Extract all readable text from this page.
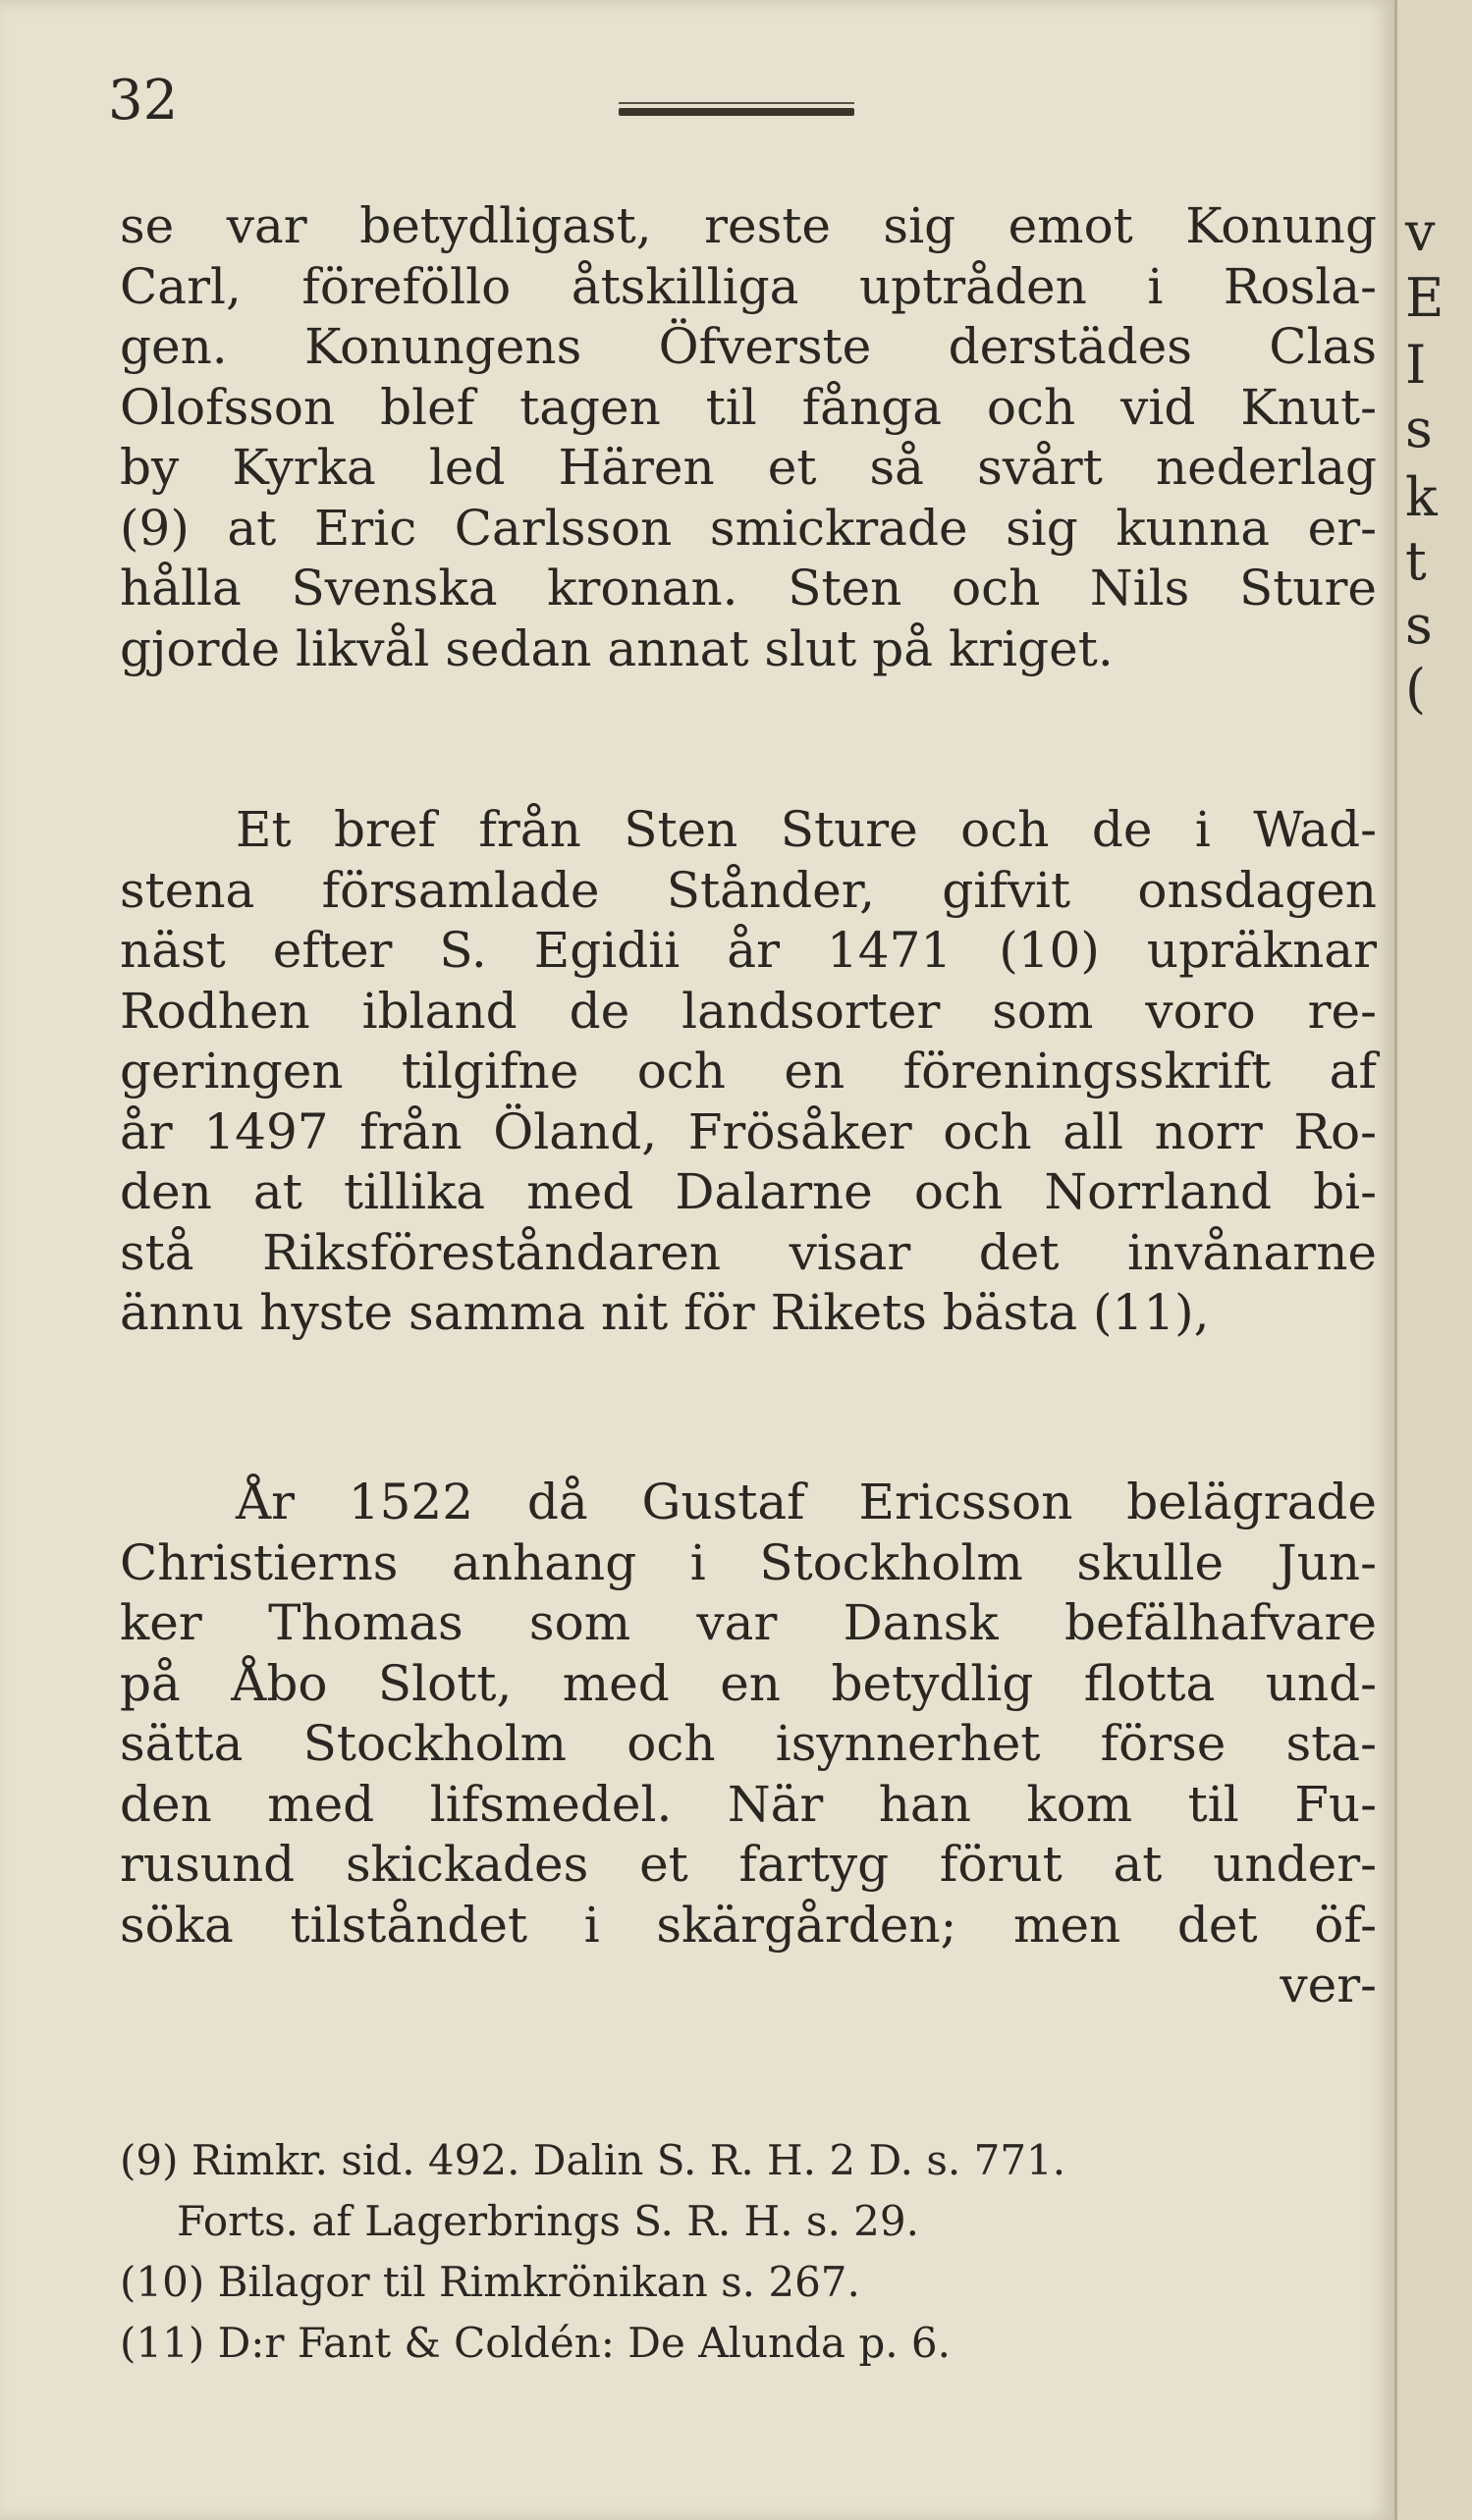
32
se var betydligast, reste sig emot Konung
Carl, föreföllo åtskilliga uptråden i Rosla-
gen. Konungens Öfverste derstädes Clas
Olofsson blef tagen til fånga och vid Knut-
by Kyrka led Hären et så svårt nederlag
(9) at Eric Carlsson smickrade sig kunna er-
hålla Svenska kronan. Sten och Nils Sture
gjorde likvål sedan annat slut på kriget.
Et bref från Sten Sture och de i Wad-
stena församlade Stånder, gifvit onsdagen
näst efter S. Egidii år 1471 (10) upräknar
Rodhen ibland de landsorter som voro re-
geringen tilgifne och en föreningsskrift af
år 1497 från Öland, Frösåker och all norr Ro-
den at tillika med Dalarne och Norrland bi-
stå Riksföreståndaren visar det invånarne
ännu hyste samma nit för Rikets bästa (11),
År 1522 då Gustaf Ericsson belägrade
Christierns anhang i Stockholm skulle Jun-
ker Thomas som var Dansk befälhafvare
på Åbo Slott, med en betydlig flotta und-
sätta Stockholm och isynnerhet förse sta-
den med lifsmedel. När han kom til Fu-
rusund skickades et fartyg förut at under-
söka tilståndet i skärgården; men det öf-
ver-
(9) Rimkr. sid. 492. Dalin S. R. H. 2 D. s. 771.
Forts. af Lagerbrings S. R. H. s. 29.
(10) Bilagor til Rimkrönikan s. 267.
(11) D:r Fant & Coldén: De Alunda p. 6.
v
E
I
s
k
t
s
(
